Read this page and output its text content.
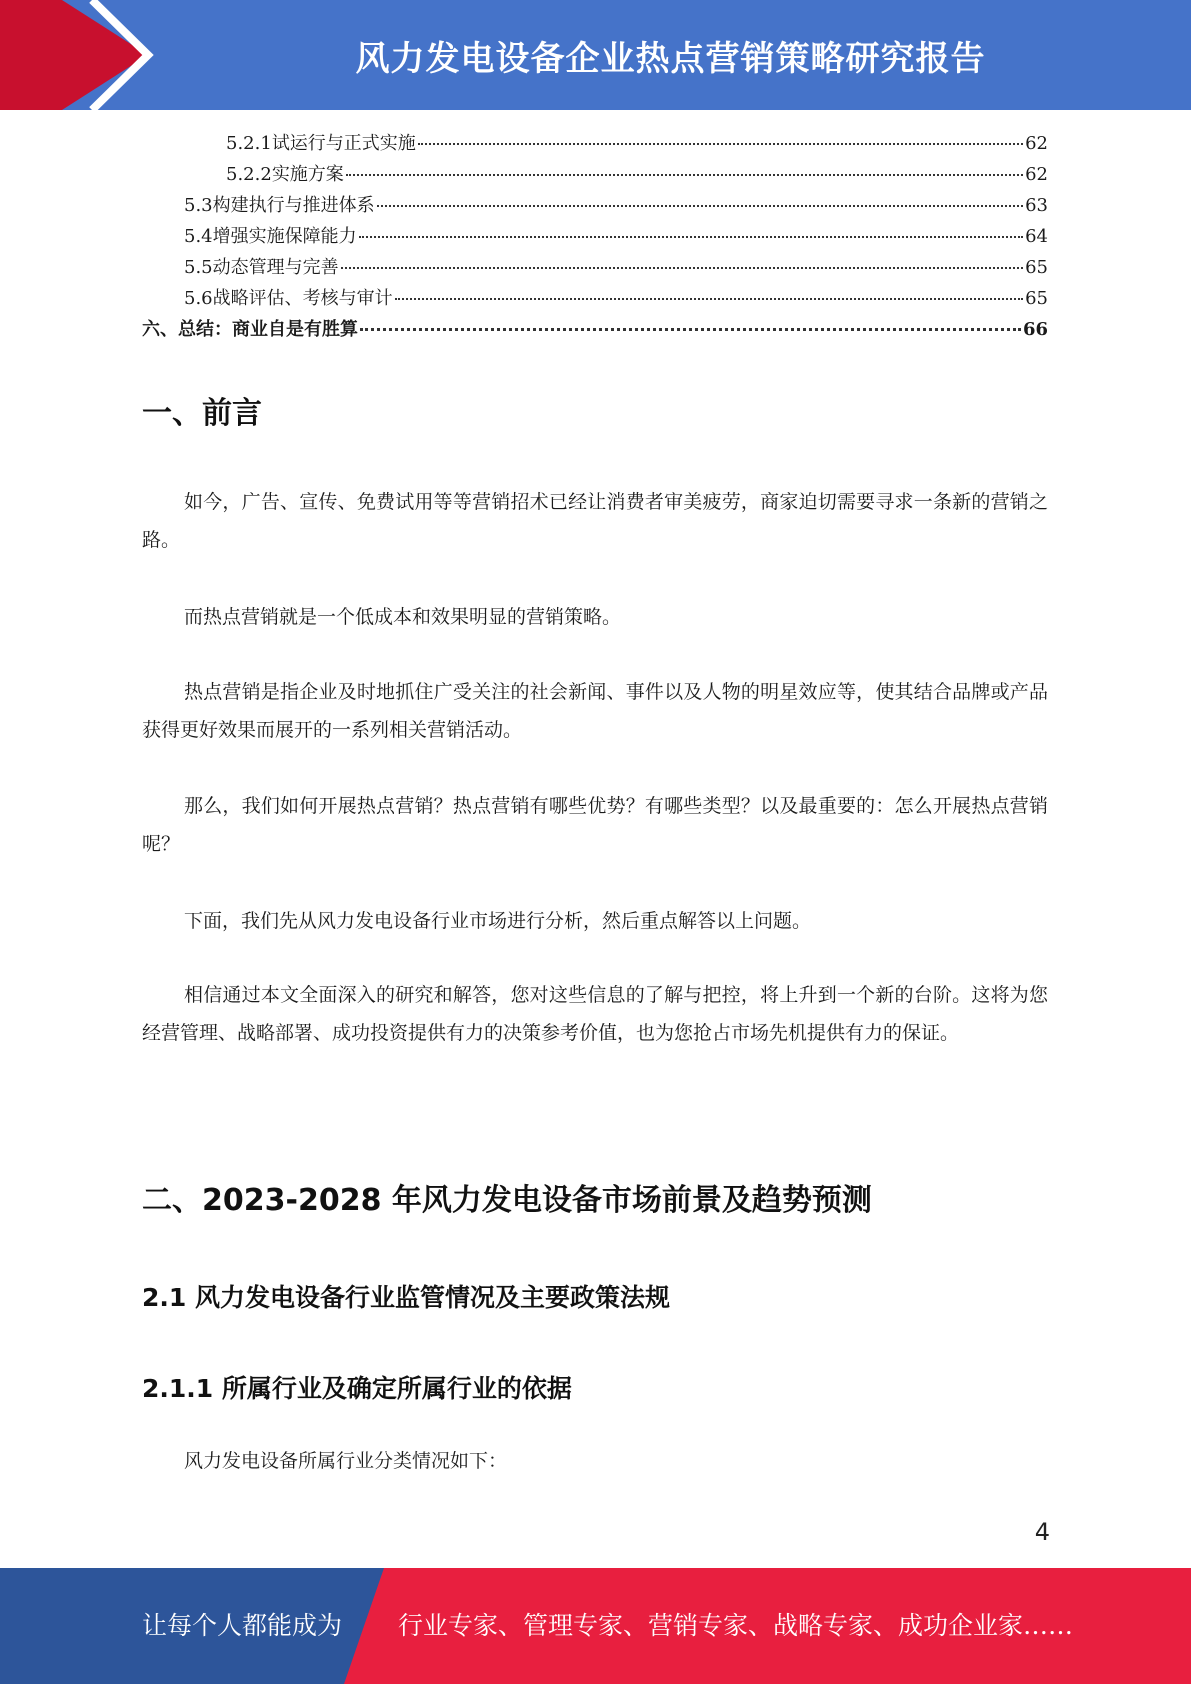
风力发电设备企业热点营销策略研究报告
5.2.1 试运行与正式实施	62
5.2.2 实施方案	62
5.3 构建执行与推进体系	63
5.4 增强实施保障能力	64
5.5 动态管理与完善	65
5.6 战略评估、考核与审计	65
六、总结：商业自是有胜算	66
一、前言

如今，广告、宣传、免费试用等等营销招术已经让消费者审美疲劳，商家迫切需要寻求一条新的营销之路。

而热点营销就是一个低成本和效果明显的营销策略。

热点营销是指企业及时地抓住广受关注的社会新闻、事件以及人物的明星效应等，使其结合品牌或产品获得更好效果而展开的一系列相关营销活动。

那么，我们如何开展热点营销？热点营销有哪些优势？有哪些类型？以及最重要的：怎么开展热点营销呢？

下面，我们先从风力发电设备行业市场进行分析，然后重点解答以上问题。

相信通过本文全面深入的研究和解答，您对这些信息的了解与把控，将上升到一个新的台阶。这将为您经营管理、战略部署、成功投资提供有力的决策参考价值，也为您抢占市场先机提供有力的保证。

二、2023-2028 年风力发电设备市场前景及趋势预测
2.1 风力发电设备行业监管情况及主要政策法规
2.1.1 所属行业及确定所属行业的依据

风力发电设备所属行业分类情况如下：

4
让每个人都能成为 行业专家、管理专家、营销专家、战略专家、成功企业家……
